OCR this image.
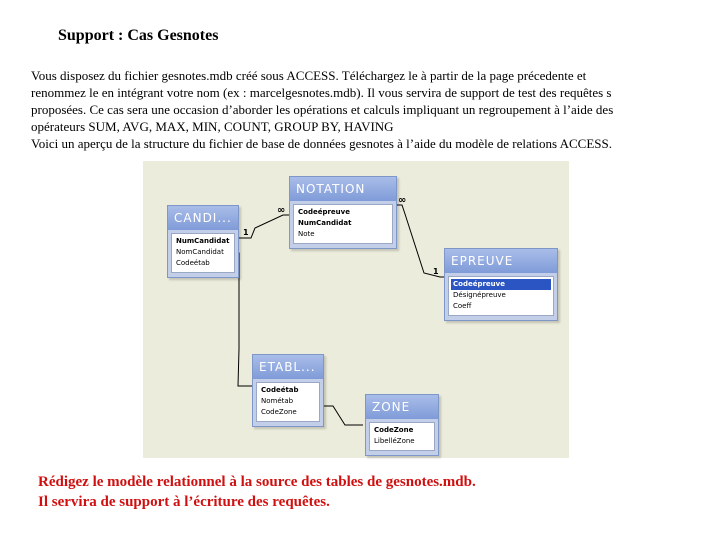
Support : Cas Gesnotes
Vous disposez du fichier gesnotes.mdb créé sous ACCESS. Téléchargez le à partir de la page précedente et
renommez le en intégrant votre nom (ex : marcelgesnotes.mdb). Il vous servira de support de test des requêtes s
proposées. Ce cas sera une occasion d’aborder les opérations et calculs impliquant un regroupement à l’aide des
opérateurs SUM, AVG, MAX, MIN, COUNT, GROUP BY, HAVING
Voici un aperçu de la structure du fichier de base de données gesnotes à l’aide du modèle de relations ACCESS.
1
∞
∞
1
CANDI...
NumCandidat
NomCandidat
Codeétab
NOTATION
Codeépreuve
NumCandidat
Note
EPREUVE
Codeépreuve
Désignépreuve
Coeff
ETABL...
Codeétab
Nométab
CodeZone	ZONE
CodeZone
LibelléZone
Rédigez le modèle relationnel à la source des tables de gesnotes.mdb.
Il servira de support à l’écriture des requêtes.
